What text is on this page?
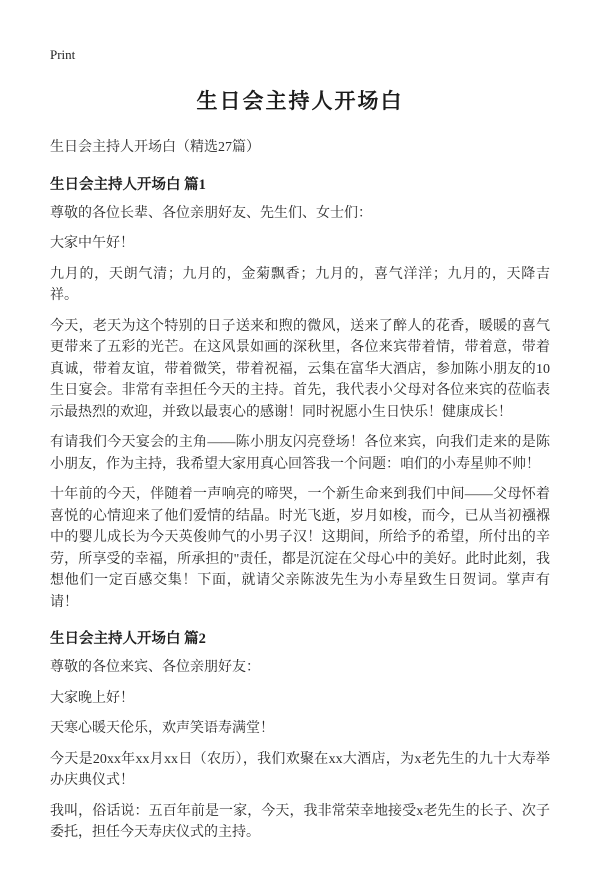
Print
生日会主持人开场白

生日会主持人开场白（精选27篇）

生日会主持人开场白 篇1

尊敬的各位长辈、各位亲朋好友、先生们、女士们：

大家中午好！

九月的，天朗气清；九月的，金菊飘香；九月的，喜气洋洋；九月的，天降吉祥。

今天，老天为这个特别的日子送来和煦的微风，送来了醉人的花香，暖暖的喜气更带来了五彩的光芒。在这风景如画的深秋里，各位来宾带着情，带着意，带着真诚，带着友谊，带着微笑，带着祝福，云集在富华大酒店，参加陈小朋友的10生日宴会。非常有幸担任今天的主持。首先，我代表小父母对各位来宾的莅临表示最热烈的欢迎，并致以最衷心的感谢！同时祝愿小生日快乐！健康成长！

有请我们今天宴会的主角——陈小朋友闪亮登场！各位来宾，向我们走来的是陈小朋友，作为主持，我希望大家用真心回答我一个问题：咱们的小寿星帅不帅！

十年前的今天，伴随着一声响亮的啼哭，一个新生命来到我们中间——父母怀着喜悦的心情迎来了他们爱情的结晶。时光飞逝，岁月如梭，而今，已从当初襁褓中的婴儿成长为今天英俊帅气的小男子汉！这期间，所给予的希望，所付出的辛劳，所享受的幸福，所承担的"责任，都是沉淀在父母心中的美好。此时此刻，我想他们一定百感交集！下面，就请父亲陈波先生为小寿星致生日贺词。掌声有请！

生日会主持人开场白 篇2

尊敬的各位来宾、各位亲朋好友：

大家晚上好！

天寒心暖天伦乐，欢声笑语寿满堂！

今天是20xx年xx月xx日（农历），我们欢聚在xx大酒店，为x老先生的九十大寿举办庆典仪式！

我叫，俗话说：五百年前是一家，今天，我非常荣幸地接受x老先生的长子、次子委托，担任今天寿庆仪式的主持。
